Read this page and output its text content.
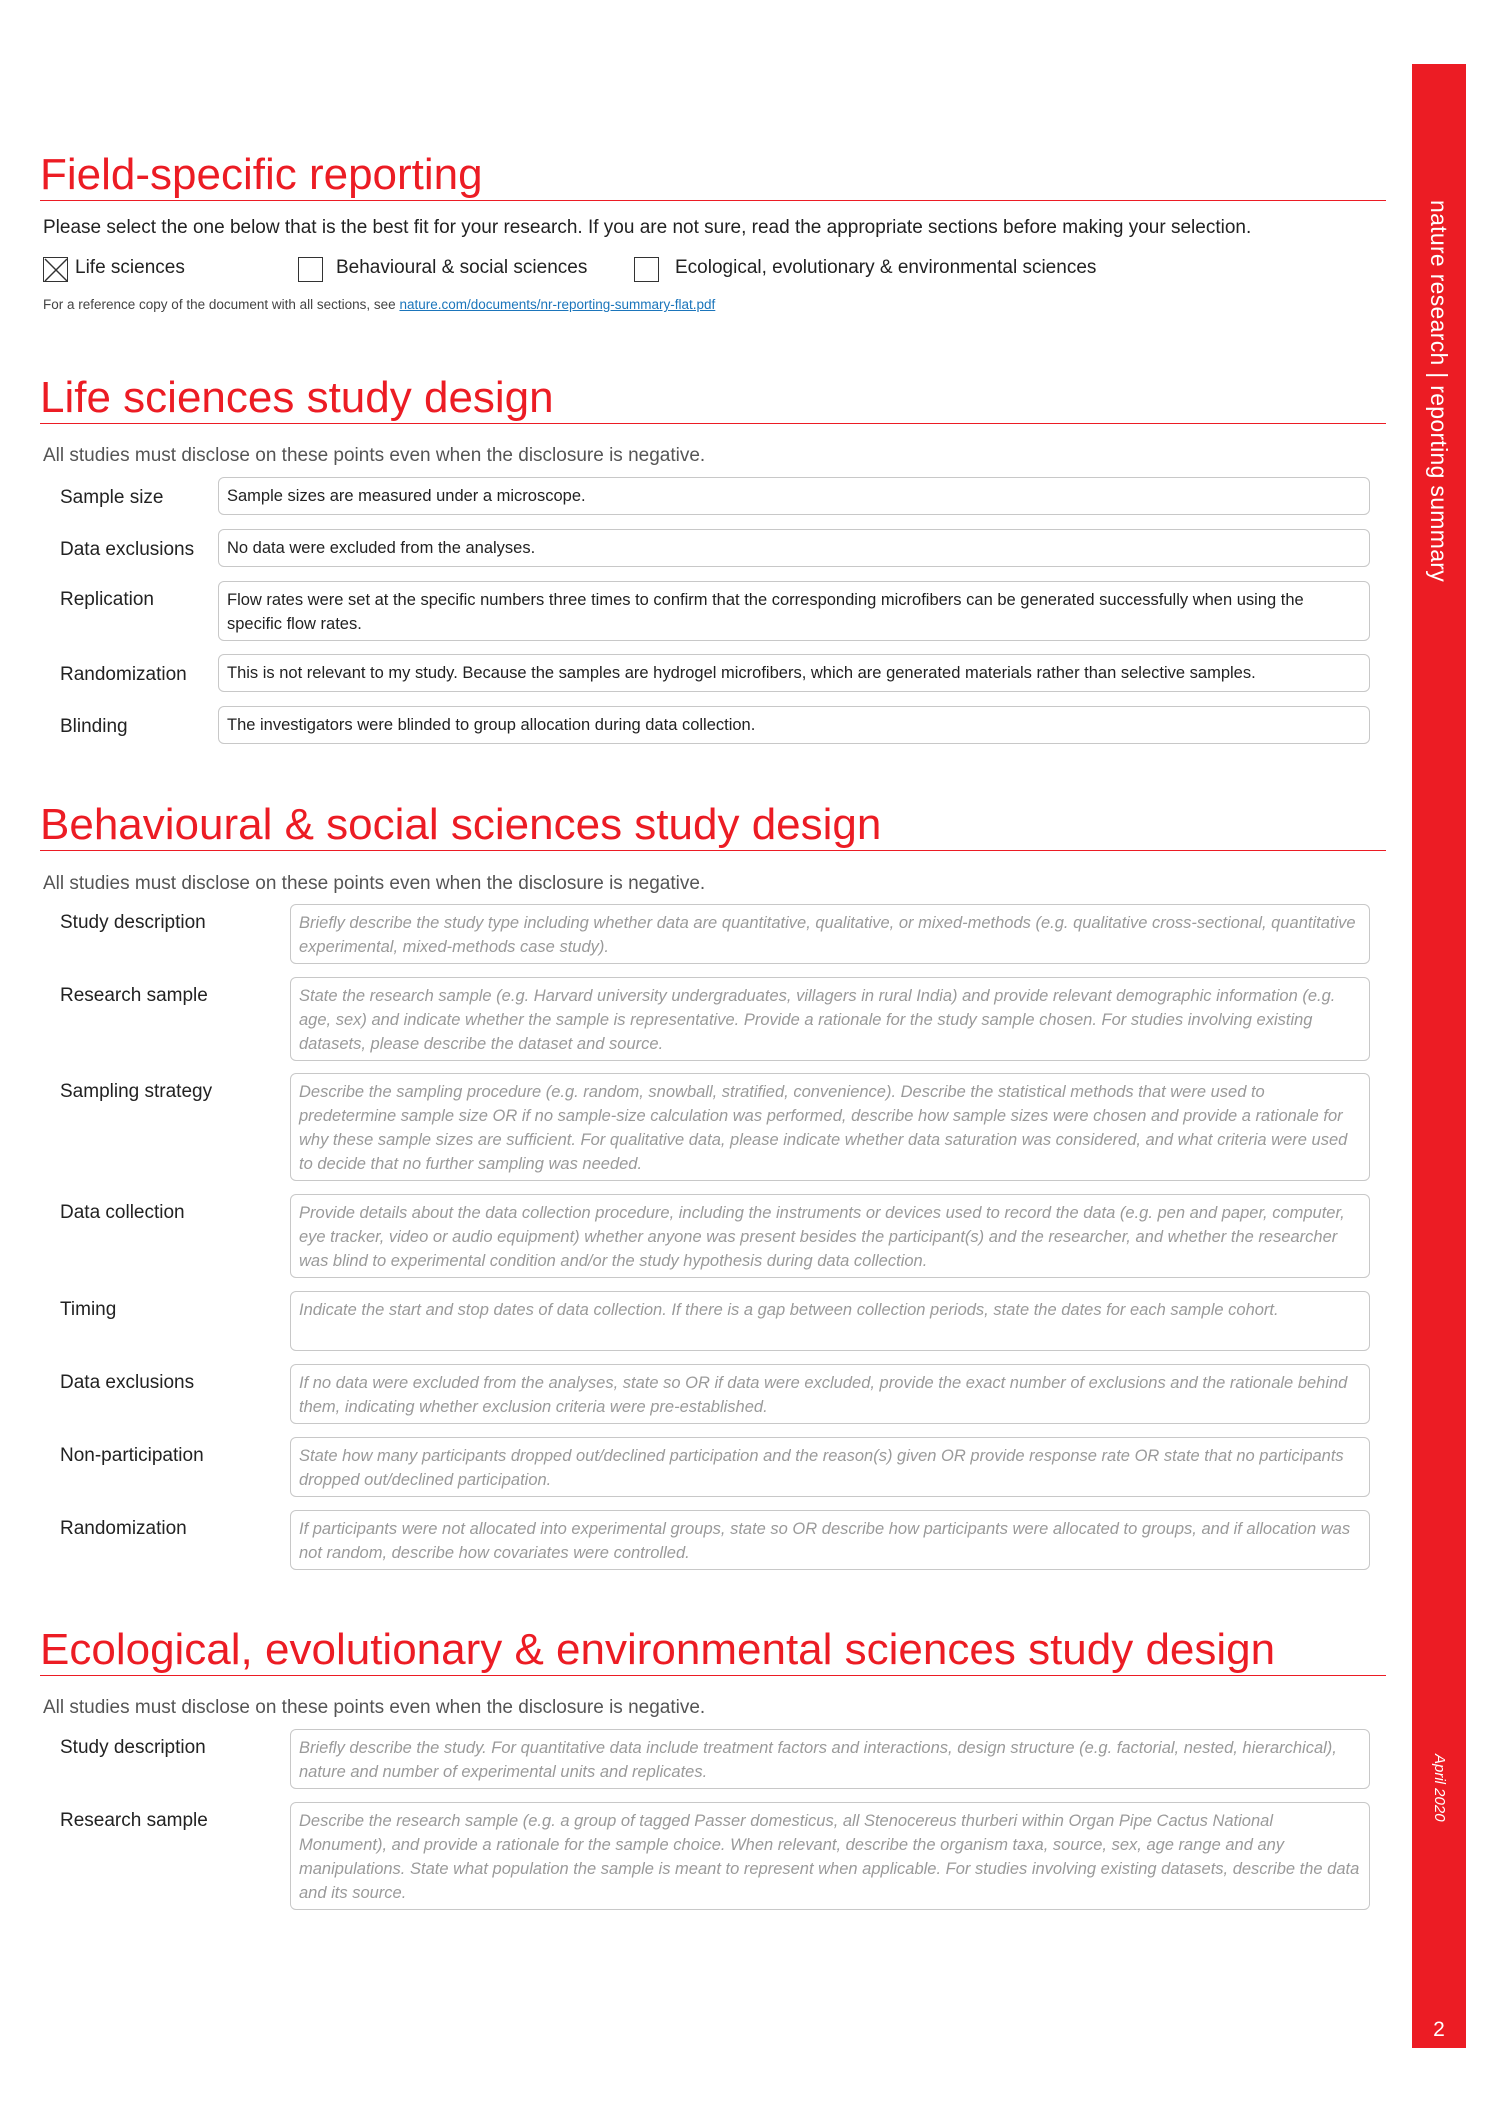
nature research | reporting summary
April 2020
2
Field-specific reporting
Please select the one below that is the best fit for your research. If you are not sure, read the appropriate sections before making your selection.
Life sciences	Behavioural & social sciences	Ecological, evolutionary & environmental sciences
For a reference copy of the document with all sections, see nature.com/documents/nr-reporting-summary-flat.pdf
Life sciences study design
All studies must disclose on these points even when the disclosure is negative.
Sample size	Sample sizes are measured under a microscope.
Data exclusions	No data were excluded from the analyses.
Replication	Flow rates were set at the specific numbers three times to confirm that the corresponding microfibers can be generated successfully when using the specific flow rates.
Randomization	This is not relevant to my study. Because the samples are hydrogel microfibers, which are generated materials rather than selective samples.
Blinding	The investigators were blinded to group allocation during data collection.
Behavioural & social sciences study design
All studies must disclose on these points even when the disclosure is negative.
Study description	Briefly describe the study type including whether data are quantitative, qualitative, or mixed-methods (e.g. qualitative cross-sectional, quantitative experimental, mixed-methods case study).
Research sample	State the research sample (e.g. Harvard university undergraduates, villagers in rural India) and provide relevant demographic information (e.g. age, sex) and indicate whether the sample is representative. Provide a rationale for the study sample chosen. For studies involving existing datasets, please describe the dataset and source.
Sampling strategy	Describe the sampling procedure (e.g. random, snowball, stratified, convenience). Describe the statistical methods that were used to predetermine sample size OR if no sample-size calculation was performed, describe how sample sizes were chosen and provide a rationale for why these sample sizes are sufficient. For qualitative data, please indicate whether data saturation was considered, and what criteria were used to decide that no further sampling was needed.
Data collection	Provide details about the data collection procedure, including the instruments or devices used to record the data (e.g. pen and paper, computer, eye tracker, video or audio equipment) whether anyone was present besides the participant(s) and the researcher, and whether the researcher was blind to experimental condition and/or the study hypothesis during data collection.
Timing	Indicate the start and stop dates of data collection. If there is a gap between collection periods, state the dates for each sample cohort.
Data exclusions	If no data were excluded from the analyses, state so OR if data were excluded, provide the exact number of exclusions and the rationale behind them, indicating whether exclusion criteria were pre-established.
Non-participation	State how many participants dropped out/declined participation and the reason(s) given OR provide response rate OR state that no participants dropped out/declined participation.
Randomization	If participants were not allocated into experimental groups, state so OR describe how participants were allocated to groups, and if allocation was not random, describe how covariates were controlled.
Ecological, evolutionary & environmental sciences study design
All studies must disclose on these points even when the disclosure is negative.
Study description	Briefly describe the study. For quantitative data include treatment factors and interactions, design structure (e.g. factorial, nested, hierarchical), nature and number of experimental units and replicates.
Research sample	Describe the research sample (e.g. a group of tagged Passer domesticus, all Stenocereus thurberi within Organ Pipe Cactus National Monument), and provide a rationale for the sample choice. When relevant, describe the organism taxa, source, sex, age range and any manipulations. State what population the sample is meant to represent when applicable. For studies involving existing datasets, describe the data and its source.
